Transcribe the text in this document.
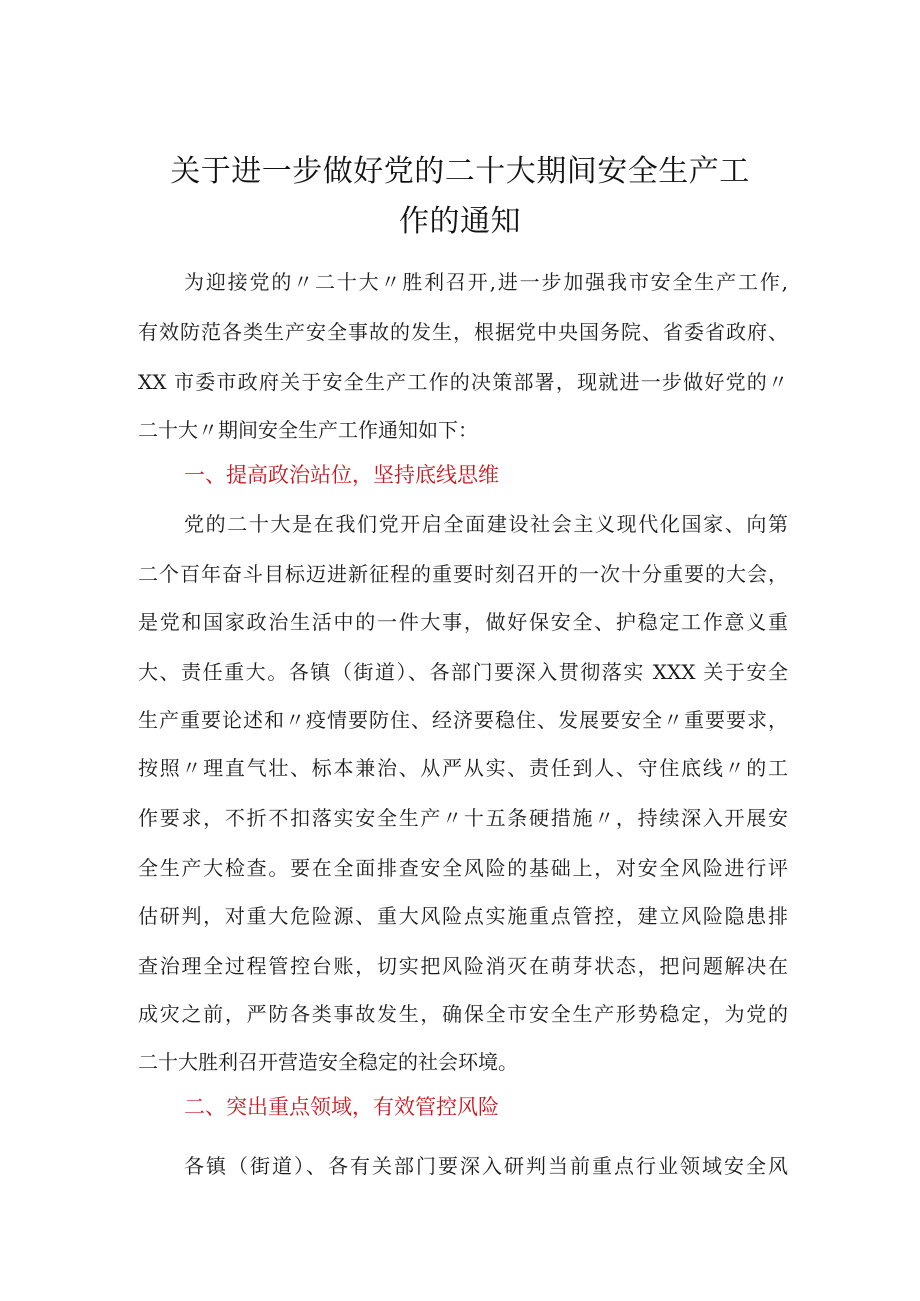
关于进一步做好党的二十大期间安全生产工
作的通知
为迎接党的〃二十大〃胜利召开,进一步加强我市安全生产工作,
有效防范各类生产安全事故的发生，根据党中央国务院、省委省政府、
XX 市委市政府关于安全生产工作的决策部署，现就进一步做好党的〃
二十大〃期间安全生产工作通知如下：
一、提高政治站位，坚持底线思维
党的二十大是在我们党开启全面建设社会主义现代化国家、向第
二个百年奋斗目标迈进新征程的重要时刻召开的一次十分重要的大会，
是党和国家政治生活中的一件大事，做好保安全、护稳定工作意义重
大、责任重大。各镇（街道）、各部门要深入贯彻落实 XXX 关于安全
生产重要论述和〃疫情要防住、经济要稳住、发展要安全〃重要要求，
按照〃理直气壮、标本兼治、从严从实、责任到人、守住底线〃的工
作要求，不折不扣落实安全生产〃十五条硬措施〃，持续深入开展安
全生产大检查。要在全面排查安全风险的基础上，对安全风险进行评
估研判，对重大危险源、重大风险点实施重点管控，建立风险隐患排
查治理全过程管控台账，切实把风险消灭在萌芽状态，把问题解决在
成灾之前，严防各类事故发生，确保全市安全生产形势稳定，为党的
二十大胜利召开营造安全稳定的社会环境。
二、突出重点领域，有效管控风险
各镇（街道）、各有关部门要深入研判当前重点行业领域安全风
